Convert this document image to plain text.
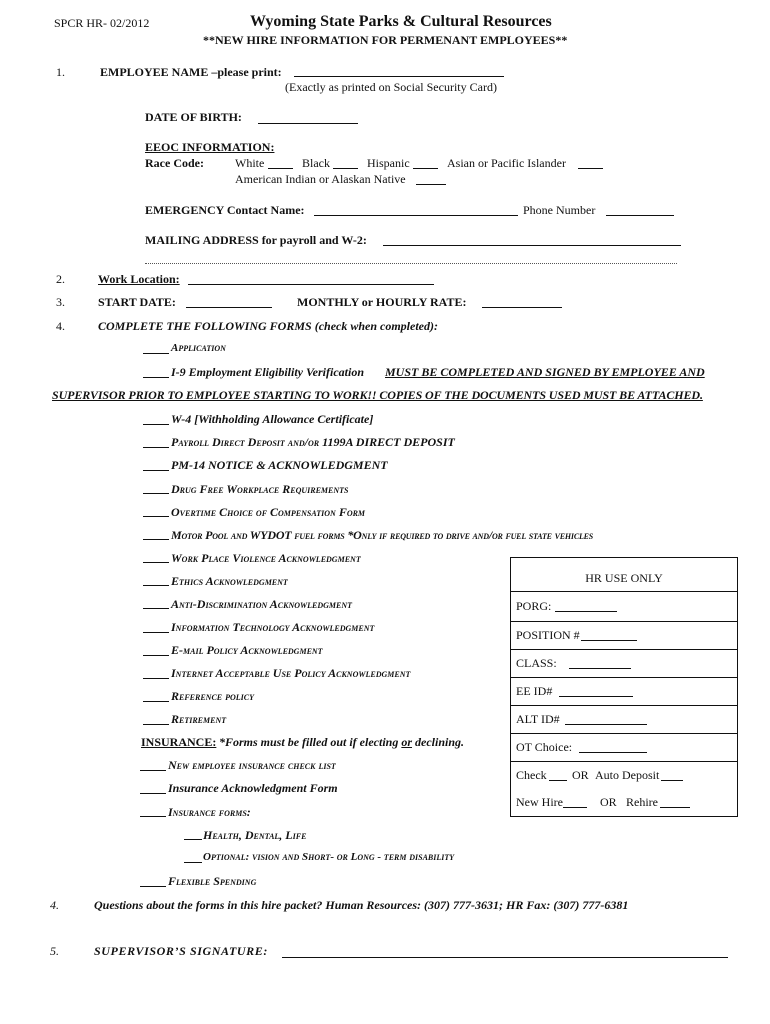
SPCR HR- 02/2012	Wyoming State Parks & Cultural Resources
**NEW HIRE INFORMATION FOR PERMENANT EMPLOYEES**
1.	EMPLOYEE NAME –please print:
(Exactly as printed on Social Security Card)
DATE OF BIRTH:
EEOC INFORMATION:
Race Code:	White	Black	Hispanic	Asian or Pacific Islander
American Indian or Alaskan Native
EMERGENCY Contact Name:	Phone Number
MAILING ADDRESS for payroll and W-2:
2.	Work Location:
3.	START DATE:	MONTHLY or HOURLY RATE:
4.	COMPLETE THE FOLLOWING FORMS (check when completed):
Application
I-9 Employment Eligibility Verification MUST BE COMPLETED AND SIGNED BY EMPLOYEE AND
SUPERVISOR PRIOR TO EMPLOYEE STARTING TO WORK!! COPIES OF THE DOCUMENTS USED MUST BE ATTACHED.
W-4 [Withholding Allowance Certificate]
Payroll Direct Deposit and/or 1199A DIRECT DEPOSIT
PM-14 NOTICE & ACKNOWLEDGMENT
Drug Free Workplace Requirements
Overtime Choice of Compensation Form
Motor Pool and WYDOT fuel forms *Only if required to drive and/or fuel state vehicles
Work Place Violence Acknowledgment
Ethics Acknowledgment
Anti-Discrimination Acknowledgment
Information Technology Acknowledgment
E-mail Policy Acknowledgment
Internet Acceptable Use Policy Acknowledgment
Reference policy
Retirement
INSURANCE: *Forms must be filled out if electing or declining.
New employee insurance check list
Insurance Acknowledgment Form
Insurance forms:
Health, Dental, Life
Optional: vision and Short- or Long - term disability
Flexible Spending
HR USE ONLY
PORG:
POSITION #
CLASS:
EE ID#
ALT ID#
OT Choice:
Check OR Auto Deposit
New Hire	OR Rehire
4.	Questions about the forms in this hire packet? Human Resources: (307) 777-3631; HR Fax: (307) 777-6381
5.	SUPERVISOR’S SIGNATURE:
